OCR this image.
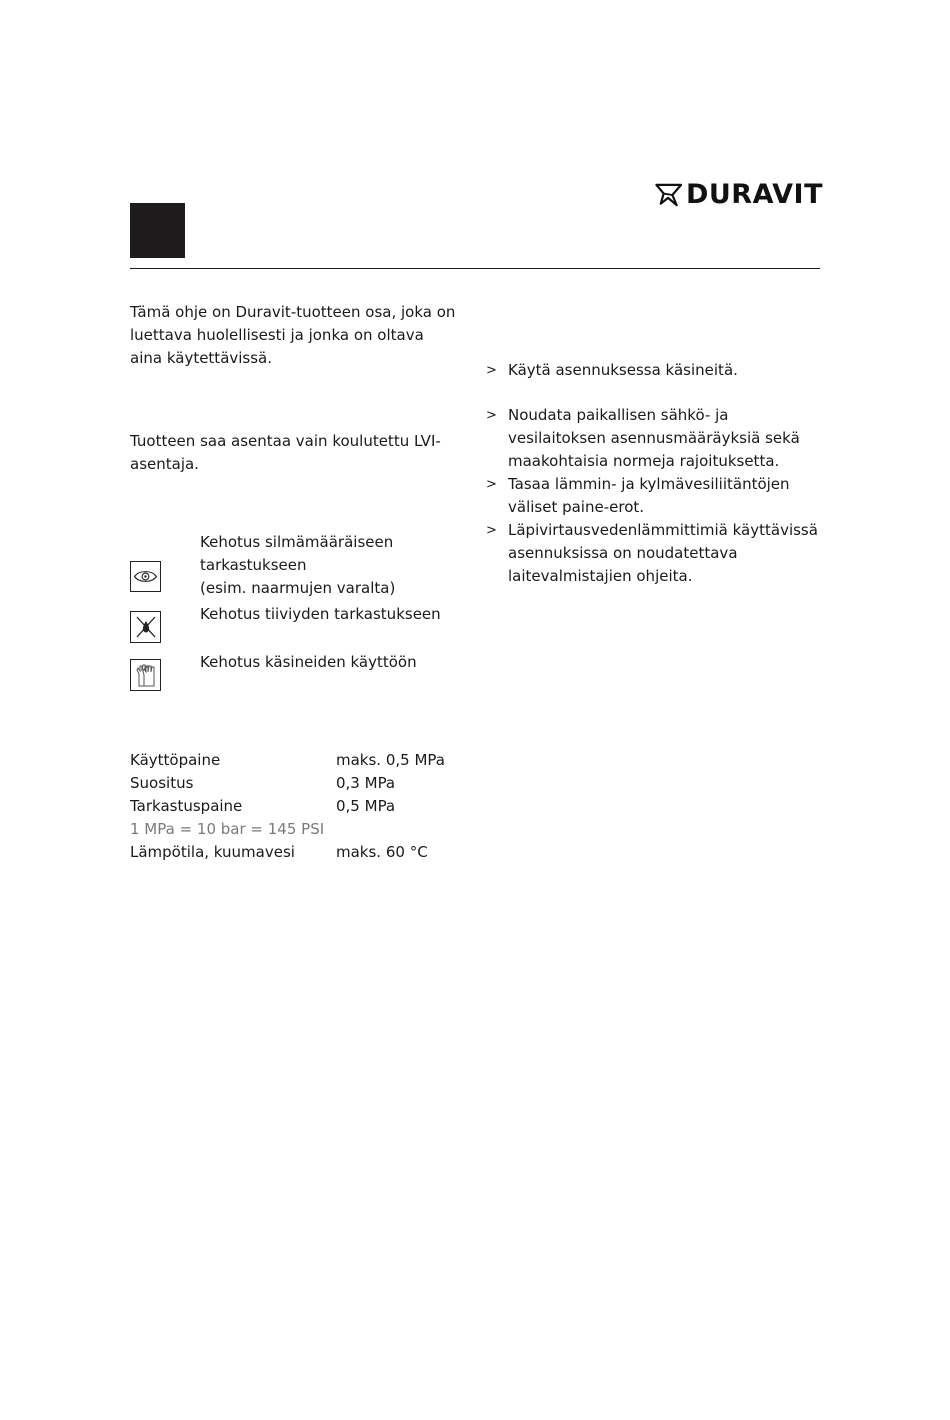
DURAVIT

Tämä ohje on Duravit-tuotteen osa, joka on luettava huolellisesti ja jonka on oltava aina käytettävissä.

Tuotteen saa asentaa vain koulutettu LVI-asentaja.

Kehotus silmämääräiseen
tarkastukseen
(esim. naarmujen varalta)
Kehotus tiiviyden tarkastukseen
Kehotus käsineiden käyttöön
Käyttöpaine	maks. 0,5 MPa
Suositus	0,3 MPa
Tarkastuspaine	0,5 MPa
1 MPa = 10 bar = 145 PSI
Lämpötila, kuumavesi	maks. 60 °C
> Käytä asennuksessa käsineitä.
> Noudata paikallisen sähkö- ja vesilaitoksen asennusmääräyksiä sekä maakohtaisia normeja rajoituksetta.
> Tasaa lämmin- ja kylmävesiliitäntöjen väliset paine-erot.
> Läpivirtausvedenlämmittimiä käyttävissä asennuksissa on noudatettava laitevalmistajien ohjeita.
